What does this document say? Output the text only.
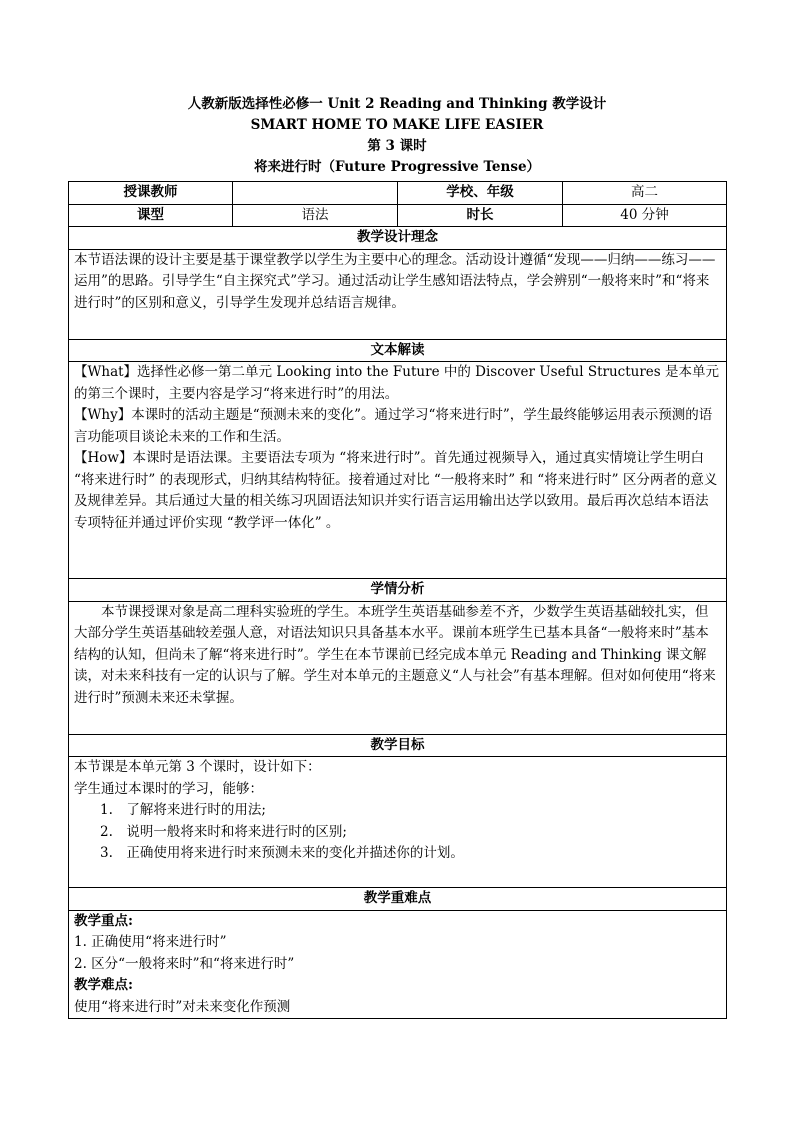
人教新版选择性必修一 Unit 2 Reading and Thinking 教学设计
SMART HOME TO MAKE LIFE EASIER
第 3 课时
将来进行时（Future Progressive Tense）
授课教师		学校、年级	高二
课型	语法	时长	40 分钟
教学设计理念			

本节语法课的设计主要是基于课堂教学以学生为主要中心的理念。活动设计遵循“发现——归纳——练习——运用”的思路。引导学生“自主探究式”学习。通过活动让学生感知语法特点，学会辨别“一般将来时”和“将来进行时”的区别和意义，引导学生发现并总结语言规律。			

文本解读			

【What】选择性必修一第二单元 Looking into the Future 中的 Discover Useful Structures 是本单元的第三个课时，主要内容是学习“将来进行时”的用法。

【Why】本课时的活动主题是“预测未来的变化”。通过学习“将来进行时”，学生最终能够运用表示预测的语言功能项目谈论未来的工作和生活。

【How】本课时是语法课。主要语法专项为 “将来进行时”。首先通过视频导入，通过真实情境让学生明白 “将来进行时” 的表现形式，归纳其结构特征。接着通过对比 “一般将来时” 和 “将来进行时” 区分两者的意义及规律差异。其后通过大量的相关练习巩固语法知识并实行语言运用输出达学以致用。最后再次总结本语法专项特征并通过评价实现 “教学评一体化” 。			

学情分析			

本节课授课对象是高二理科实验班的学生。本班学生英语基础参差不齐，少数学生英语基础较扎实，但大部分学生英语基础较差强人意，对语法知识只具备基本水平。课前本班学生已基本具备“一般将来时”基本结构的认知，但尚未了解“将来进行时”。学生在本节课前已经完成本单元 Reading and Thinking 课文解读，对未来科技有一定的认识与了解。学生对本单元的主题意义“人与社会”有基本理解。但对如何使用“将来进行时”预测未来还未掌握。			

教学目标			

本节课是本单元第 3 个课时，设计如下：

学生通过本课时的学习，能够：

1.　了解将来进行时的用法;

2.　说明一般将来时和将来进行时的区别;

3.　正确使用将来进行时来预测未来的变化并描述你的计划。			

教学重难点			

教学重点:

1. 正确使用“将来进行时”

2. 区分“一般将来时”和“将来进行时”

教学难点:

使用“将来进行时”对未来变化作预测			
